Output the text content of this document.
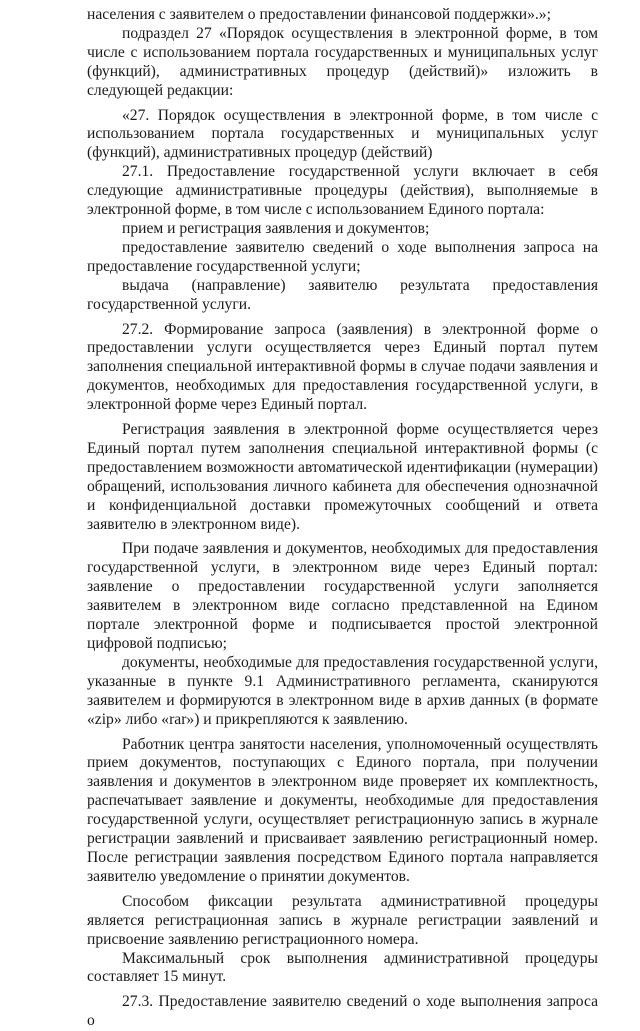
населения с заявителем о предоставлении финансовой поддержки».»;

подраздел 27 «Порядок осуществления в электронной форме, в том числе с использованием портала государственных и муниципальных услуг (функций), административных процедур (действий)» изложить в следующей редакции:

«27. Порядок осуществления в электронной форме, в том числе с использованием портала государственных и муниципальных услуг (функций), административных процедур (действий)

27.1. Предоставление государственной услуги включает в себя следующие административные процедуры (действия), выполняемые в электронной форме, в том числе с использованием Единого портала:

прием и регистрация заявления и документов;

предоставление заявителю сведений о ходе выполнения запроса на предоставление государственной услуги;

выдача (направление) заявителю результата предоставления государственной услуги.

27.2. Формирование запроса (заявления) в электронной форме о предоставлении услуги осуществляется через Единый портал путем заполнения специальной интерактивной формы в случае подачи заявления и документов, необходимых для предоставления государственной услуги, в электронной форме через Единый портал.

Регистрация заявления в электронной форме осуществляется через Единый портал путем заполнения специальной интерактивной формы (с предоставлением возможности автоматической идентификации (нумерации) обращений, использования личного кабинета для обеспечения однозначной и конфиденциальной доставки промежуточных сообщений и ответа заявителю в электронном виде).

При подаче заявления и документов, необходимых для предоставления государственной услуги, в электронном виде через Единый портал: заявление о предоставлении государственной услуги заполняется заявителем в электронном виде согласно представленной на Едином портале электронной форме и подписывается простой электронной цифровой подписью;

документы, необходимые для предоставления государственной услуги, указанные в пункте 9.1 Административного регламента, сканируются заявителем и формируются в электронном виде в архив данных (в формате «zip» либо «rar») и прикрепляются к заявлению.

Работник центра занятости населения, уполномоченный осуществлять прием документов, поступающих с Единого портала, при получении заявления и документов в электронном виде проверяет их комплектность, распечатывает заявление и документы, необходимые для предоставления государственной услуги, осуществляет регистрационную запись в журнале регистрации заявлений и присваивает заявлению регистрационный номер. После регистрации заявления посредством Единого портала направляется заявителю уведомление о принятии документов.

Способом фиксации результата административной процедуры является регистрационная запись в журнале регистрации заявлений и присвоение заявлению регистрационного номера.

Максимальный срок выполнения административной процедуры составляет 15 минут.

27.3. Предоставление заявителю сведений о ходе выполнения запроса о
